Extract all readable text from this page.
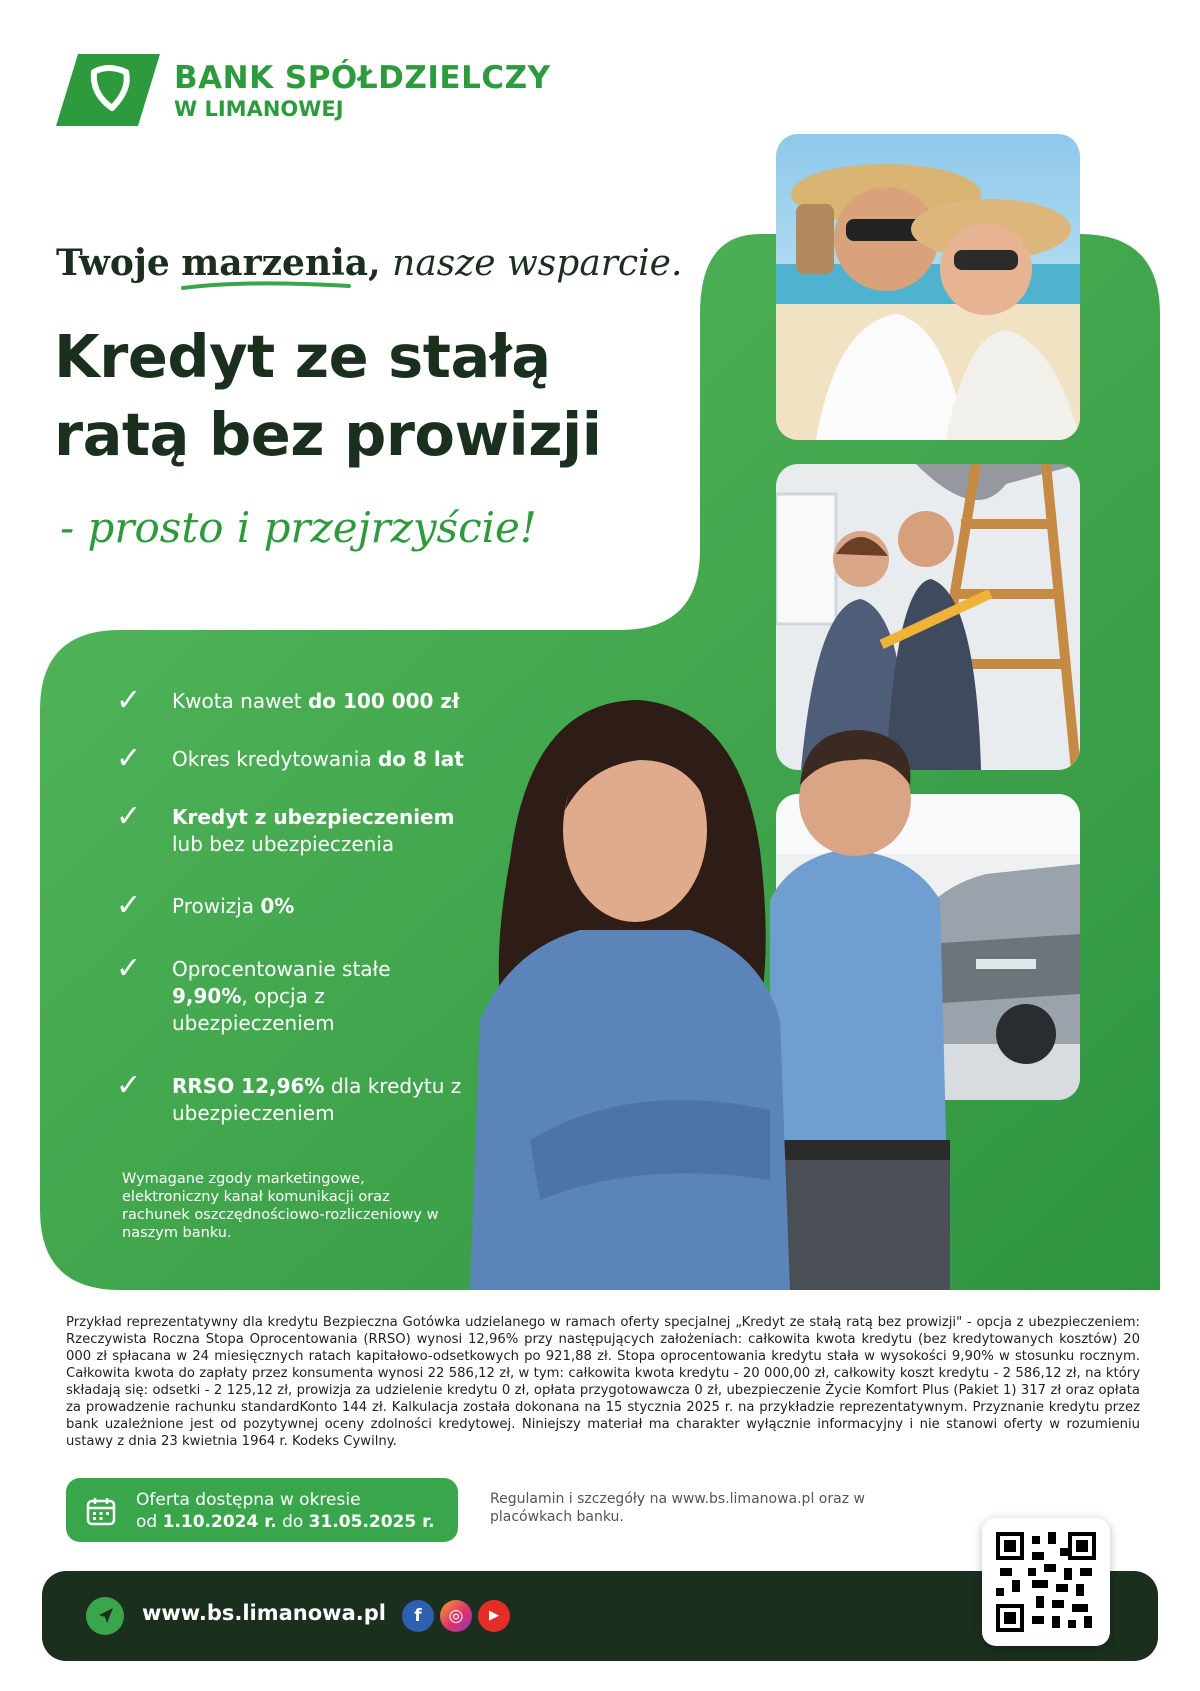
BANK SPÓŁDZIELCZY
W LIMANOWEJ
Twoje marzenia
, nasze wsparcie.
Kredyt ze stałą
ratą bez prowizji
- prosto i przejrzyście!
✓ Kwota nawet do 100 000 zł
✓ Okres kredytowania do 8 lat
✓ Kredyt z ubezpieczeniem
lub bez ubezpieczenia
✓ Prowizja 0%
✓ Oprocentowanie stałe 9,90%, opcja z ubezpieczeniem
✓ RRSO 12,96% dla kredytu z ubezpieczeniem
Wymagane zgody marketingowe, elektroniczny kanał komunikacji oraz rachunek oszczędnościowo-rozliczeniowy w naszym banku.
Przykład reprezentatywny dla kredytu Bezpieczna Gotówka udzielanego w ramach oferty specjalnej „Kredyt ze stałą ratą bez prowizji" - opcja z ubezpieczeniem: Rzeczywista Roczna Stopa Oprocentowania (RRSO) wynosi 12,96% przy następujących założeniach: całkowita kwota kredytu (bez kredytowanych kosztów) 20 000 zł spłacana w 24 miesięcznych ratach kapitałowo-odsetkowych po 921,88 zł. Stopa oprocentowania kredytu stała w wysokości 9,90% w stosunku rocznym. Całkowita kwota do zapłaty przez konsumenta wynosi 22 586,12 zł, w tym: całkowita kwota kredytu - 20 000,00 zł, całkowity koszt kredytu - 2 586,12 zł, na który składają się: odsetki - 2 125,12 zł, prowizja za udzielenie kredytu 0 zł, opłata przygotowawcza 0 zł, ubezpieczenie Życie Komfort Plus (Pakiet 1) 317 zł oraz opłata za prowadzenie rachunku standardKonto 144 zł. Kalkulacja została dokonana na 15 stycznia 2025 r. na przykładzie reprezentatywnym. Przyznanie kredytu przez bank uzależnione jest od pozytywnej oceny zdolności kredytowej. Niniejszy materiał ma charakter wyłącznie informacyjny i nie stanowi oferty w rozumieniu ustawy z dnia 23 kwietnia 1964 r. Kodeks Cywilny.
Oferta dostępna w okresie
od 1.10.2024 r. do 31.05.2025 r.
Regulamin i szczegóły na www.bs.limanowa.pl oraz w placówkach banku.
www.bs.limanowa.pl	f	◎	▶
